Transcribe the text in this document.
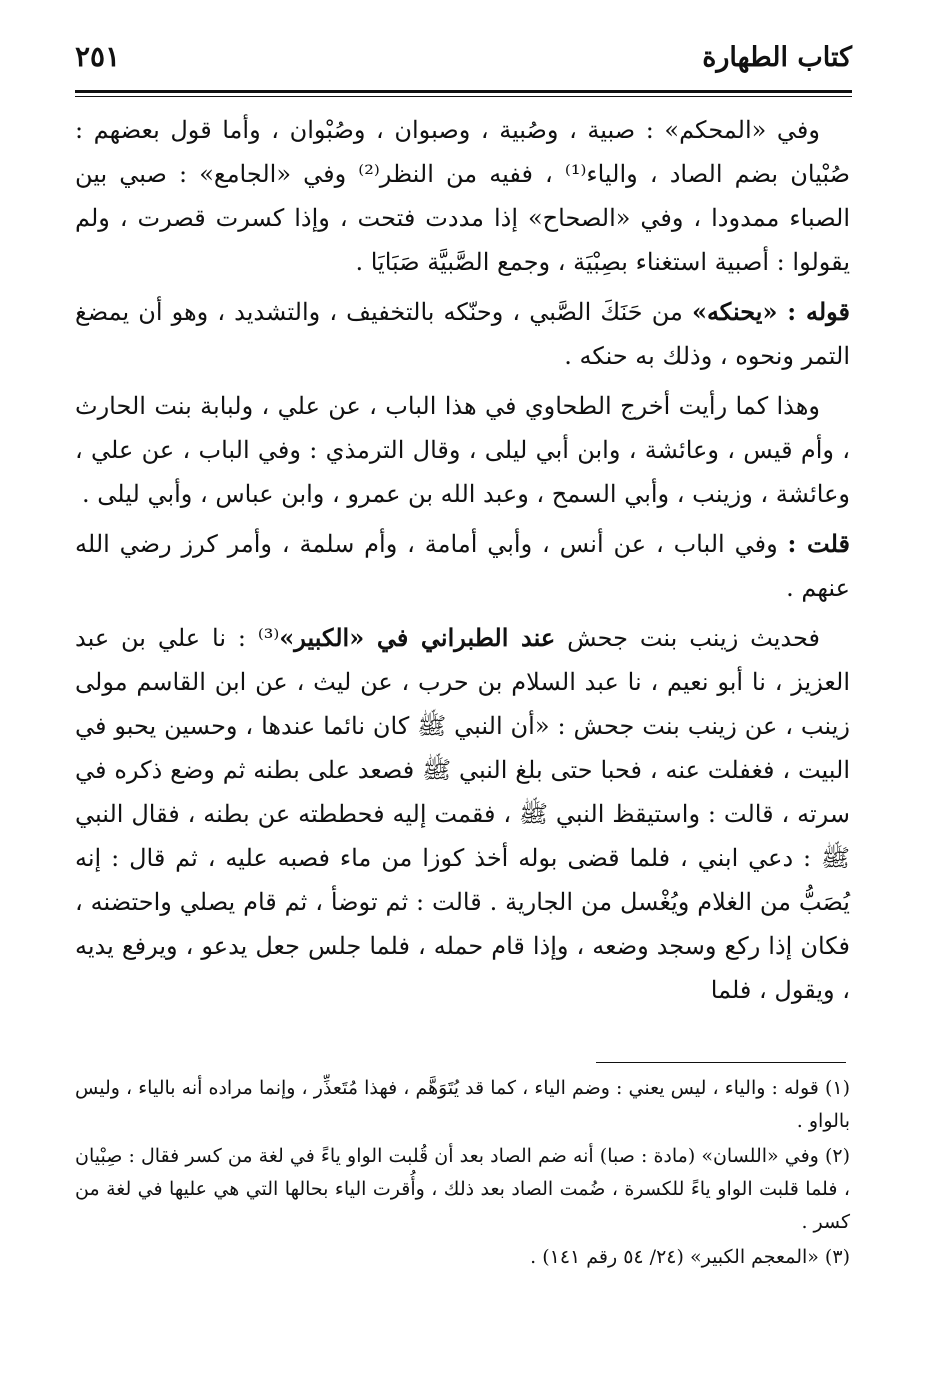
كتاب الطهارة
٢٥١

وفي «المحكم» : صبية ، وصُبية ، وصبوان ، وصُبْوان ، وأما قول بعضهم : صُبْيان بضم الصاد ، والياء⁽¹⁾ ، ففيه من النظر⁽²⁾ وفي «الجامع» : صبي بين الصباء ممدودا ، وفي «الصحاح» إذا مددت فتحت ، وإذا كسرت قصرت ، ولم يقولوا : أصبية استغناء بصِبْيَة ، وجمع الصَّبيَّة صَبَايَا .

قوله : «يحنكه» من حَنَكَ الصَّبي ، وحنّكه بالتخفيف ، والتشديد ، وهو أن يمضغ التمر ونحوه ، وذلك به حنكه .

وهذا كما رأيت أخرج الطحاوي في هذا الباب ، عن علي ، ولبابة بنت الحارث ، وأم قيس ، وعائشة ، وابن أبي ليلى ، وقال الترمذي : وفي الباب ، عن علي ، وعائشة ، وزينب ، وأبي السمح ، وعبد الله بن عمرو ، وابن عباس ، وأبي ليلى .

قلت : وفي الباب ، عن أنس ، وأبي أمامة ، وأم سلمة ، وأمر كرز رضي الله عنهم .

فحديث زينب بنت جحش عند الطبراني في «الكبير»⁽³⁾ : نا علي بن عبد العزيز ، نا أبو نعيم ، نا عبد السلام بن حرب ، عن ليث ، عن ابن القاسم مولى زينب ، عن زينب بنت جحش : «أن النبي ﷺ كان نائما عندها ، وحسين يحبو في البيت ، فغفلت عنه ، فحبا حتى بلغ النبي ﷺ فصعد على بطنه ثم وضع ذكره في سرته ، قالت : واستيقظ النبي ﷺ ، فقمت إليه فحططته عن بطنه ، فقال النبي ﷺ : دعي ابني ، فلما قضى بوله أخذ كوزا من ماء فصبه عليه ، ثم قال : إنه يُصَبُّ من الغلام ويُغْسل من الجارية . قالت : ثم توضأ ، ثم قام يصلي واحتضنه ، فكان إذا ركع وسجد وضعه ، وإذا قام حمله ، فلما جلس جعل يدعو ، ويرفع يديه ، ويقول ، فلما

(١) قوله : والياء ، ليس يعني : وضم الياء ، كما قد يُتَوَهَّم ، فهذا مُتَعذِّر ، وإنما مراده أنه بالياء ، وليس بالواو .

(٢) وفي «اللسان» (مادة : صبا) أنه ضم الصاد بعد أن قُلبت الواو ياءً في لغة من كسر فقال : صِبْيان ، فلما قلبت الواو ياءً للكسرة ، ضُمت الصاد بعد ذلك ، وأُقرت الياء بحالها التي هي عليها في لغة من كسر .

(٣) «المعجم الكبير» (٢٤/ ٥٤ رقم ١٤١) .
